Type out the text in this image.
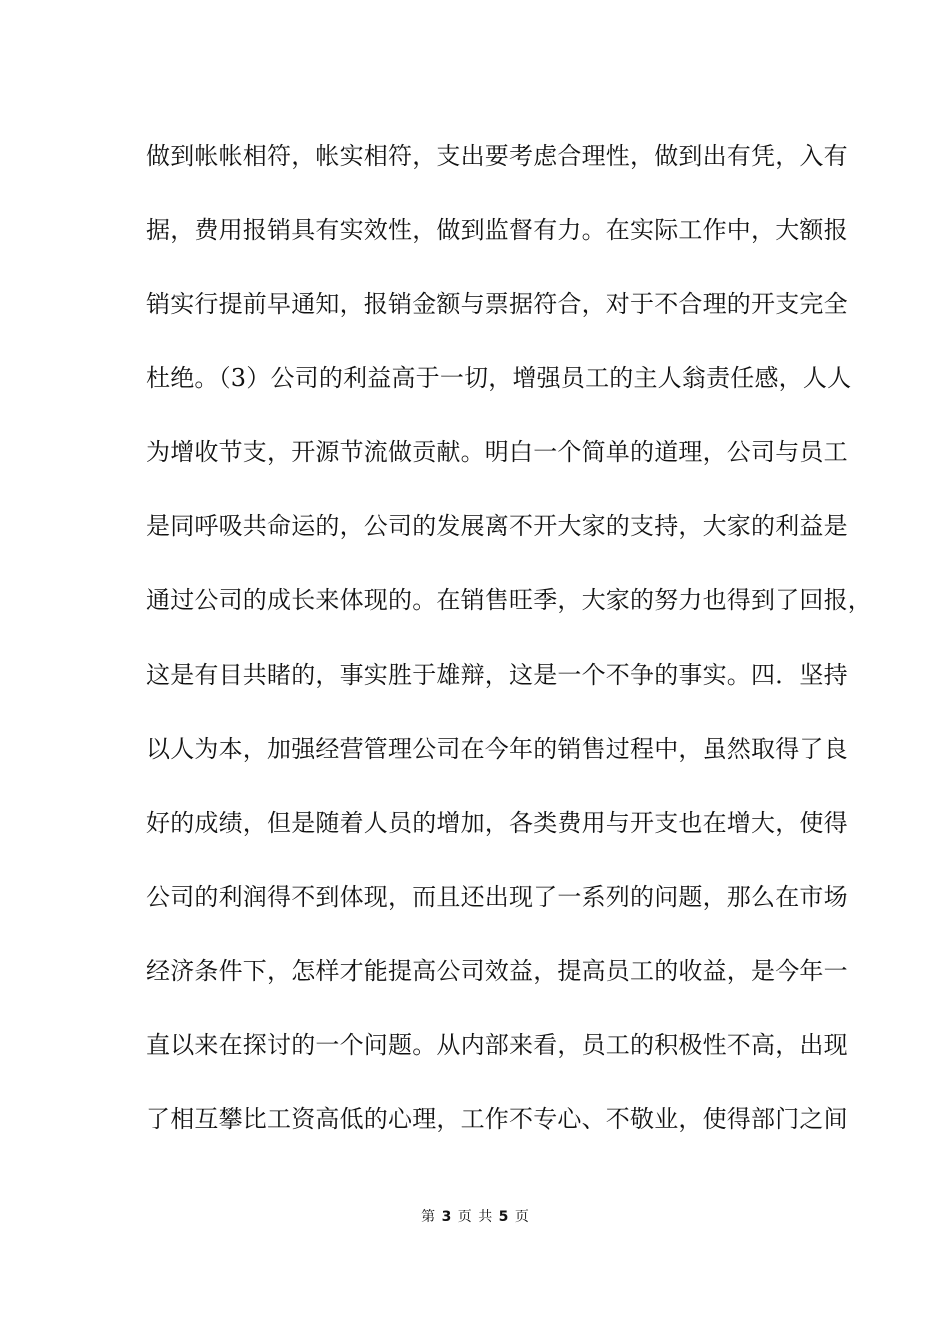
做到帐帐相符，帐实相符，支出要考虑合理性，做到出有凭，入有
据，费用报销具有实效性，做到监督有力。在实际工作中，大额报
销实行提前早通知，报销金额与票据符合，对于不合理的开支完全
杜绝。（3）公司的利益高于一切，增强员工的主人翁责任感，人人
为增收节支，开源节流做贡献。明白一个简单的道理，公司与员工
是同呼吸共命运的，公司的发展离不开大家的支持，大家的利益是
通过公司的成长来体现的。在销售旺季，大家的努力也得到了回报，
这是有目共睹的，事实胜于雄辩，这是一个不争的事实。四．坚持
以人为本，加强经营管理公司在今年的销售过程中，虽然取得了良
好的成绩，但是随着人员的增加，各类费用与开支也在增大，使得
公司的利润得不到体现，而且还出现了一系列的问题，那么在市场
经济条件下，怎样才能提高公司效益，提高员工的收益，是今年一
直以来在探讨的一个问题。从内部来看，员工的积极性不高，出现
了相互攀比工资高低的心理，工作不专心、不敬业，使得部门之间
第 3 页 共 5 页
